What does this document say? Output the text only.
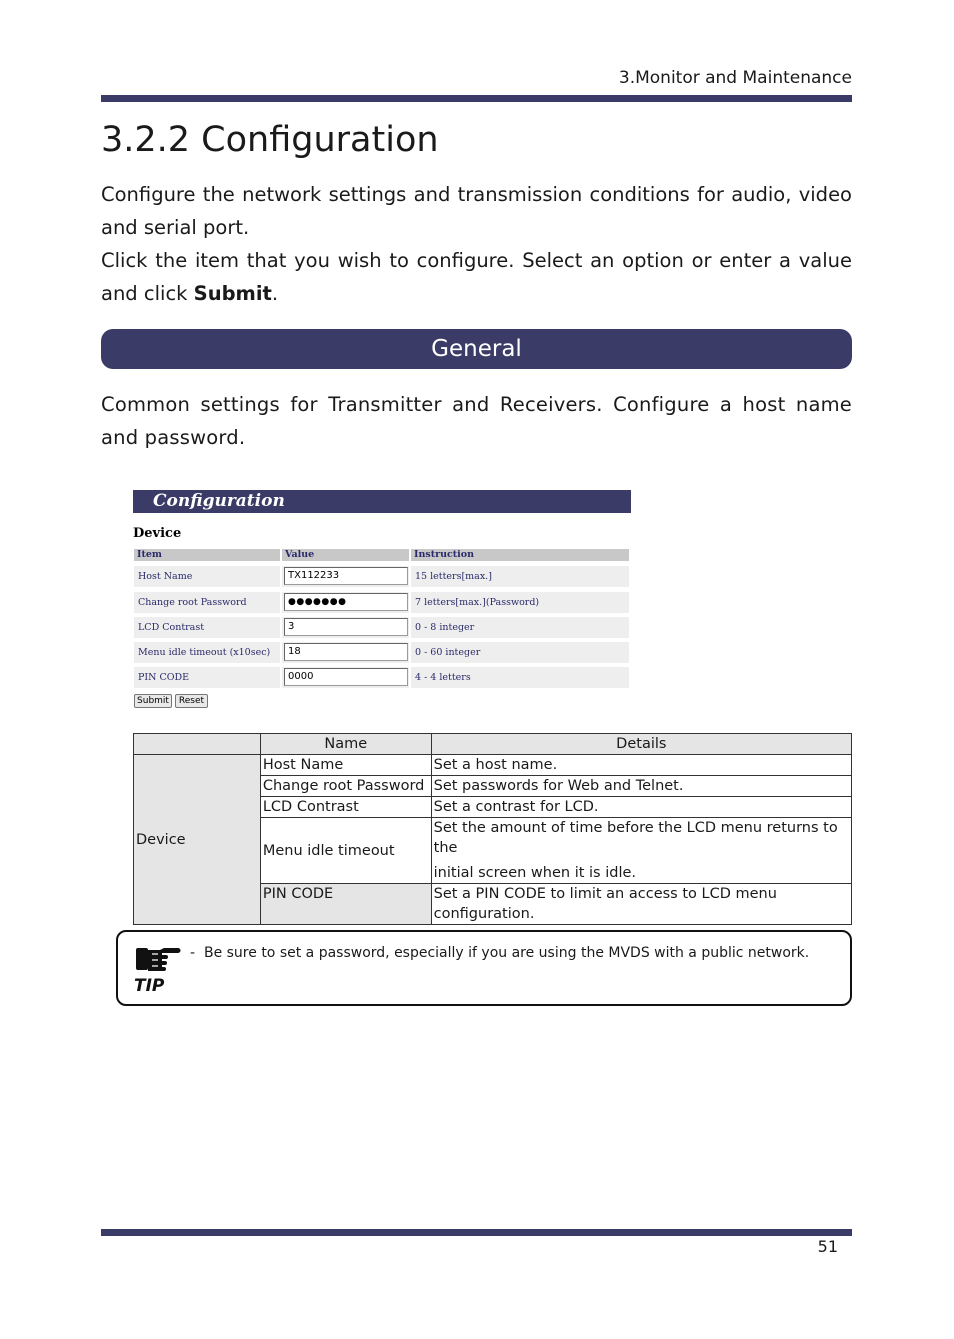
3.Monitor and Maintenance
3.2.2 Configuration
Configure the network settings and transmission conditions for audio, video and serial port.
Click the item that you wish to configure. Select an option or enter a value and click Submit.
General
Common settings for Transmitter and Receivers. Configure a host name and password.
Configuration
Device
Item	Value	Instruction
Host Name	TX112233	15 letters[max.]
Change root Password	●●●●●●●	7 letters[max.](Password)
LCD Contrast	3	0 - 8 integer
Menu idle timeout (x10sec)	18	0 - 60 integer
PIN CODE	0000	4 - 4 letters
Submit	Reset
	Name	Details
Device	Host Name	Set a host name.
	Change root Password	Set passwords for Web and Telnet.
	LCD Contrast	Set a contrast for LCD.
	Menu idle timeout	Set the amount of time before the LCD menu returns to the
initial screen when it is idle.

	PIN CODE	Set a PIN CODE to limit an access to LCD menu configuration.
TIP
- Be sure to set a password, especially if you are using the MVDS with a public network.
51
